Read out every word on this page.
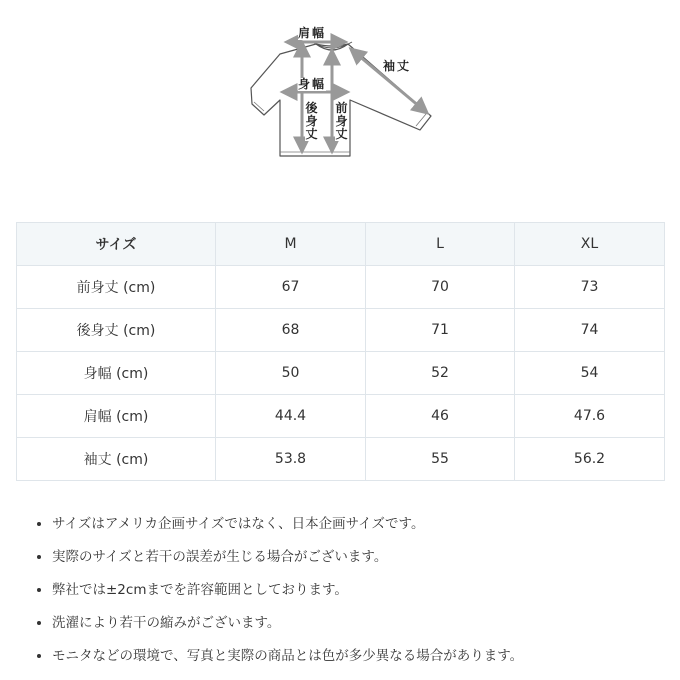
肩幅
袖丈
身幅
後身丈
前身丈
サイズ	M	L	XL
前身丈 (cm)	67	70	73
後身丈 (cm)	68	71	74
身幅 (cm)	50	52	54
肩幅 (cm)	44.4	46	47.6
袖丈 (cm)	53.8	55	56.2
• サイズはアメリカ企画サイズではなく、日本企画サイズです。
• 実際のサイズと若干の誤差が生じる場合がございます。
• 弊社では±2cmまでを許容範囲としております。
• 洗濯により若干の縮みがございます。
• モニタなどの環境で、写真と実際の商品とは色が多少異なる場合があります。
